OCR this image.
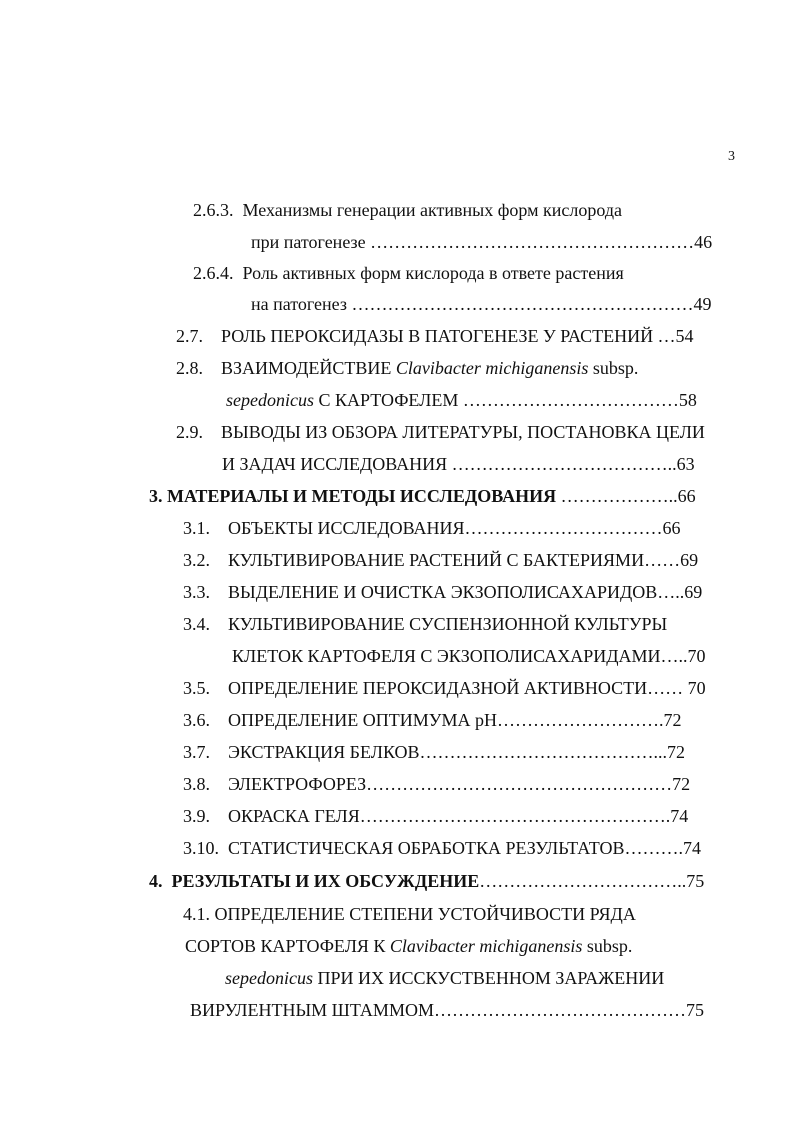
3
2.6.3.  Механизмы генерации активных форм кислорода
при патогенезе ………………………………………………46
2.6.4.  Роль активных форм кислорода в ответе растения
на патогенез …………………………………………………49
2.7.    РОЛЬ ПЕРОКСИДАЗЫ В ПАТОГЕНЕЗЕ У РАСТЕНИЙ …54
2.8.    ВЗАИМОДЕЙСТВИЕ Clavibacter michiganensis subsp.
sepedonicus С КАРТОФЕЛЕМ ………………………………58
2.9.    ВЫВОДЫ ИЗ ОБЗОРА ЛИТЕРАТУРЫ, ПОСТАНОВКА ЦЕЛИ
И ЗАДАЧ ИССЛЕДОВАНИЯ ………………………………..63
3. МАТЕРИАЛЫ И МЕТОДЫ ИССЛЕДОВАНИЯ ………………..66
3.1.    ОБЪЕКТЫ ИССЛЕДОВАНИЯ……………………………66
3.2.    КУЛЬТИВИРОВАНИЕ РАСТЕНИЙ С БАКТЕРИЯМИ……69
3.3.    ВЫДЕЛЕНИЕ И ОЧИСТКА ЭКЗОПОЛИСАХАРИДОВ…..69
3.4.    КУЛЬТИВИРОВАНИЕ СУСПЕНЗИОННОЙ КУЛЬТУРЫ
КЛЕТОК КАРТОФЕЛЯ С ЭКЗОПОЛИСАХАРИДАМИ…..70
3.5.    ОПРЕДЕЛЕНИЕ ПЕРОКСИДАЗНОЙ АКТИВНОСТИ…… 70
3.6.    ОПРЕДЕЛЕНИЕ ОПТИМУМА pH……………………….72
3.7.    ЭКСТРАКЦИЯ БЕЛКОВ…………………………………...72
3.8.    ЭЛЕКТРОФОРЕЗ……………………………………………72
3.9.    ОКРАСКА ГЕЛЯ…………………………………………….74
3.10.  СТАТИСТИЧЕСКАЯ ОБРАБОТКА РЕЗУЛЬТАТОВ……….74
4.  РЕЗУЛЬТАТЫ И ИХ ОБСУЖДЕНИЕ……………………………..75
4.1. ОПРЕДЕЛЕНИЕ СТЕПЕНИ УСТОЙЧИВОСТИ РЯДА
СОРТОВ КАРТОФЕЛЯ К Clavibacter michiganensis subsp.
sepedonicus ПРИ ИХ ИССКУСТВЕННОМ ЗАРАЖЕНИИ
ВИРУЛЕНТНЫМ ШТАММОМ……………………………………75
